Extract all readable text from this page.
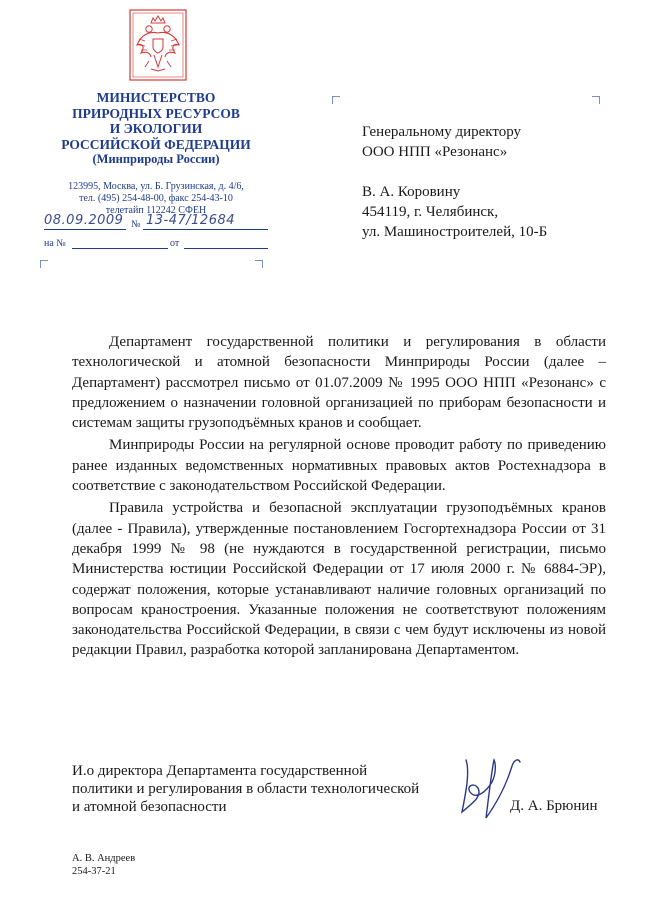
МИНИСТЕРСТВО
ПРИРОДНЫХ РЕСУРСОВ
И ЭКОЛОГИИ
РОССИЙСКОЙ ФЕДЕРАЦИИ
(Минприроды России)
123995, Москва, ул. Б. Грузинская, д. 4/6,
тел. (495) 254-48-00, факс 254-43-10
телетайп 112242 СФЕН
08.09.2009 № 13-47/12684
на №	от
Генеральному директору
ООО НПП «Резонанс»
В. А. Коровину
454119, г. Челябинск,
ул. Машиностроителей, 10-Б

Департамент государственной политики и регулирования в области технологической и атомной безопасности Минприроды России (далее – Департамент) рассмотрел письмо от 01.07.2009 № 1995 ООО НПП «Резонанс» с предложением о назначении головной организацией по приборам безопасности и системам защиты грузоподъёмных кранов и сообщает.

Минприроды России на регулярной основе проводит работу по приведению ранее изданных ведомственных нормативных правовых актов Ростехнадзора в соответствие с законодательством Российской Федерации.

Правила устройства и безопасной эксплуатации грузоподъёмных кранов (далее - Правила), утвержденные постановлением Госгортехнадзора России от 31 декабря 1999 № 98 (не нуждаются в государственной регистрации, письмо Министерства юстиции Российской Федерации от 17 июля 2000 г. № 6884-ЭР), содержат положения, которые устанавливают наличие головных организаций по вопросам краностроения. Указанные положения не соответствуют положениям законодательства Российской Федерации, в связи с чем будут исключены из новой редакции Правил, разработка которой запланирована Департаментом.

И.о директора Департамента государственной
политики и регулирования в области технологической
и атомной безопасности	Д. А. Брюнин
А. В. Андреев
254-37-21
